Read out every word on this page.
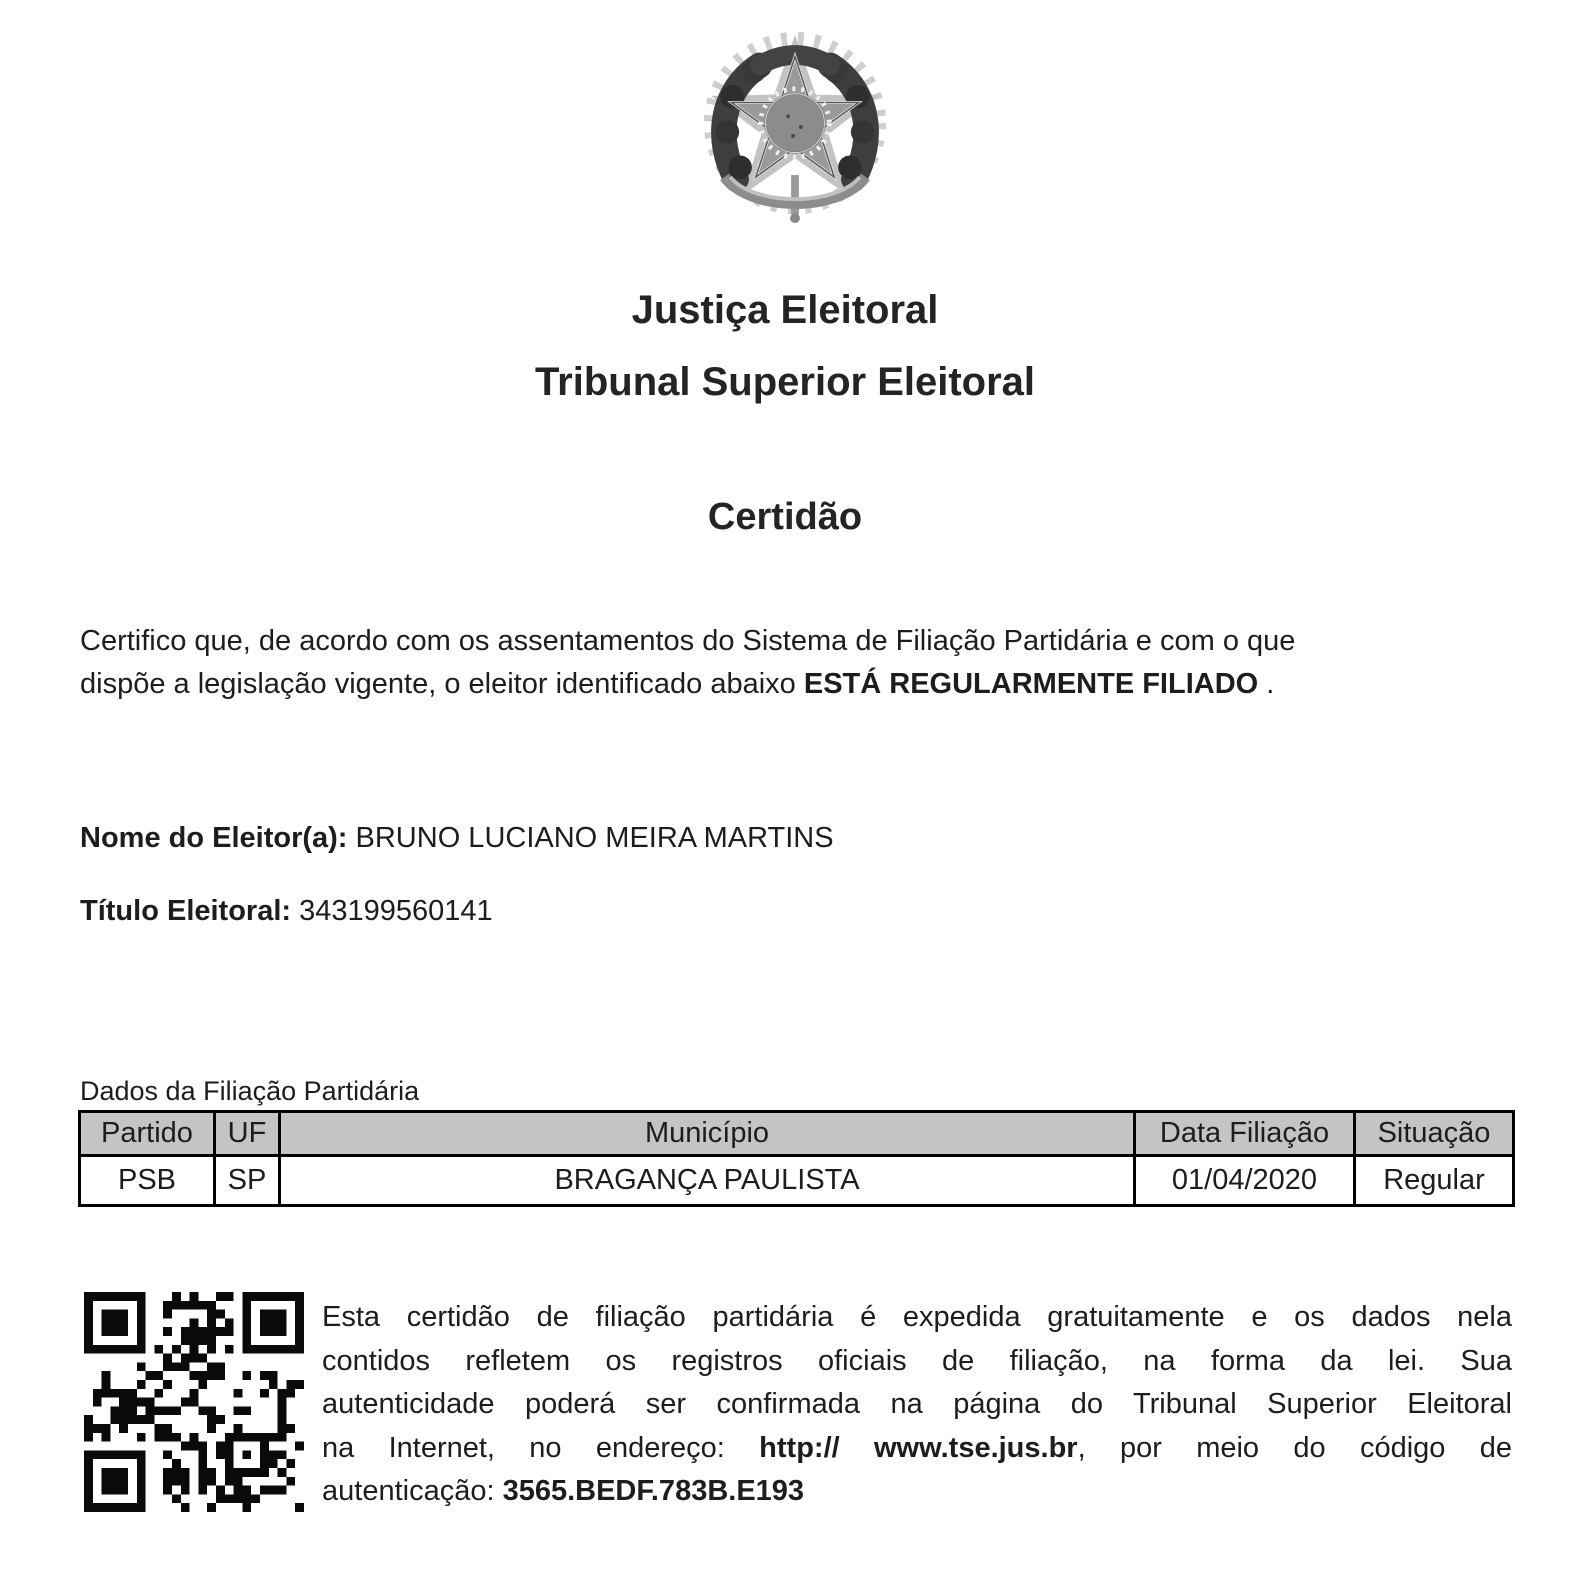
Justiça Eleitoral
Tribunal Superior Eleitoral
Certidão
Certifico que, de acordo com os assentamentos do Sistema de Filiação Partidária e com o que
dispõe a legislação vigente, o eleitor identificado abaixo ESTÁ REGULARMENTE FILIADO .
Nome do Eleitor(a): BRUNO LUCIANO MEIRA MARTINS
Título Eleitoral: 343199560141
Dados da Filiação Partidária
Partido	UF	Município	Data Filiação	Situação
PSB	SP	BRAGANÇA PAULISTA	01/04/2020	Regular
Esta certidão de filiação partidária é expedida gratuitamente e os dados nela
contidos refletem os registros oficiais de filiação, na forma da lei. Sua
autenticidade poderá ser confirmada na página do Tribunal Superior Eleitoral
na Internet, no endereço: http:// www.tse.jus.br, por meio do código de
autenticação: 3565.BEDF.783B.E193
